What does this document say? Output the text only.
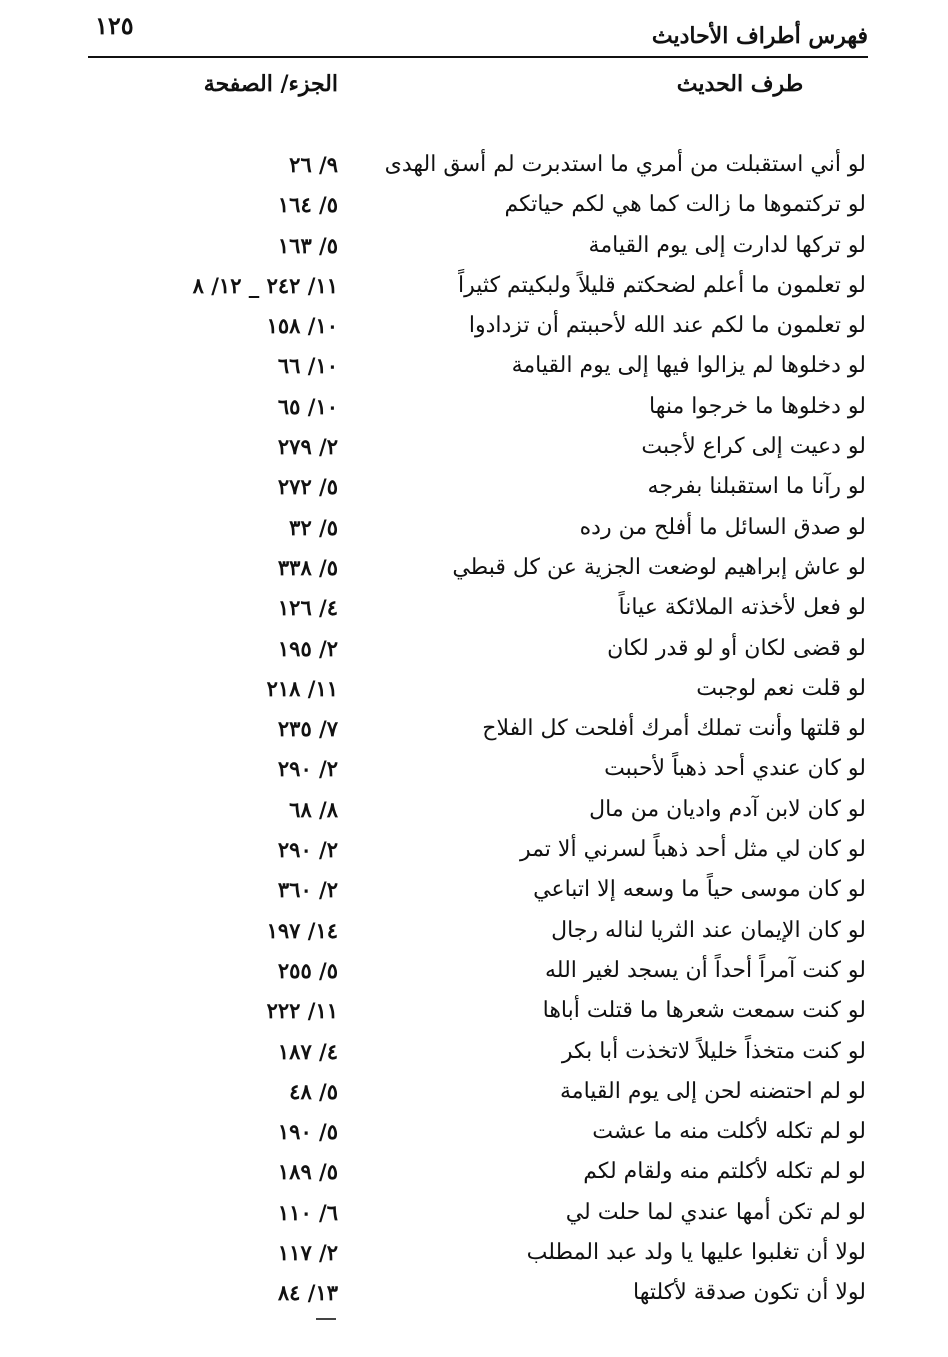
١٢٥	فهرس أطراف الأحاديث
طرف الحديث
الجزء/ الصفحة
لو أني استقبلت من أمري ما استدبرت لم أسق الهدى
٩/ ٢٦
لو تركتموها ما زالت كما هي لكم حياتكم
٥/ ١٦٤
لو تركها لدارت إلى يوم القيامة
٥/ ١٦٣
لو تعلمون ما أعلم لضحكتم قليلاً ولبكيتم كثيراً
١١/ ٢٤٢ _ ١٢/ ٨
لو تعلمون ما لكم عند الله لأحببتم أن تزدادوا
١٠/ ١٥٨
لو دخلوها لم يزالوا فيها إلى يوم القيامة
١٠/ ٦٦
لو دخلوها ما خرجوا منها
١٠/ ٦٥
لو دعيت إلى كراع لأجبت
٢/ ٢٧٩
لو رآنا ما استقبلنا بفرجه
٥/ ٢٧٢
لو صدق السائل ما أفلح من رده
٥/ ٣٢
لو عاش إبراهيم لوضعت الجزية عن كل قبطي
٥/ ٣٣٨
لو فعل لأخذته الملائكة عياناً
٤/ ١٢٦
لو قضى لكان أو لو قدر لكان
٢/ ١٩٥
لو قلت نعم لوجبت
١١/ ٢١٨
لو قلتها وأنت تملك أمرك أفلحت كل الفلاح
٧/ ٢٣٥
لو كان عندي أحد ذهباً لأحببت
٢/ ٢٩٠
لو كان لابن آدم واديان من مال
٨/ ٦٨
لو كان لي مثل أحد ذهباً لسرني ألا تمر
٢/ ٢٩٠
لو كان موسى حياً ما وسعه إلا اتباعي
٢/ ٣٦٠
لو كان الإيمان عند الثريا لناله رجال
١٤/ ١٩٧
لو كنت آمراً أحداً أن يسجد لغير الله
٥/ ٢٥٥
لو كنت سمعت شعرها ما قتلت أباها
١١/ ٢٢٢
لو كنت متخذاً خليلاً لاتخذت أبا بكر
٤/ ١٨٧
لو لم احتضنه لحن إلى يوم القيامة
٥/ ٤٨
لو لم تكله لأكلت منه ما عشت
٥/ ١٩٠
لو لم تكله لأكلتم منه ولقام لكم
٥/ ١٨٩
لو لم تكن أمها عندي لما حلت لي
٦/ ١١٠
لولا أن تغلبوا عليها يا ولد عبد المطلب
٢/ ١١٧
لولا أن تكون صدقة لأكلتها
١٣/ ٨٤
